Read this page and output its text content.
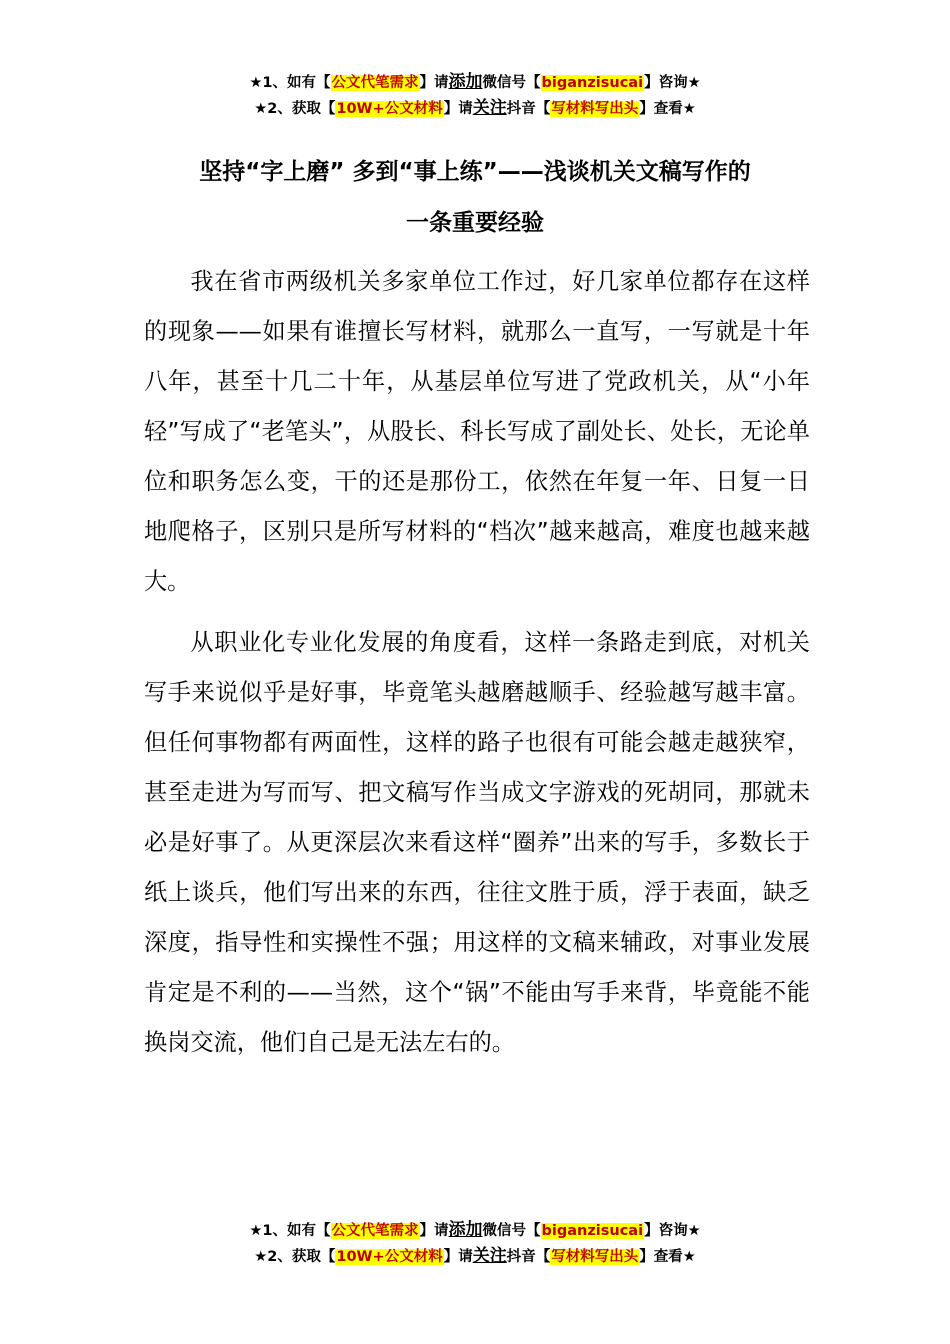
★1、如有【公文代笔需求】请添加微信号【biganzisucai】咨询★
★2、获取【10W+公文材料】请关注抖音【写材料写出头】查看★
坚持“字上磨” 多到“事上练”——浅谈机关文稿写作的
一条重要经验

我在省市两级机关多家单位工作过，好几家单位都存在这样的现象——如果有谁擅长写材料，就那么一直写，一写就是十年八年，甚至十几二十年，从基层单位写进了党政机关，从“小年轻”写成了“老笔头”，从股长、科长写成了副处长、处长，无论单位和职务怎么变，干的还是那份工，依然在年复一年、日复一日地爬格子，区别只是所写材料的“档次”越来越高，难度也越来越大。

从职业化专业化发展的角度看，这样一条路走到底，对机关写手来说似乎是好事，毕竟笔头越磨越顺手、经验越写越丰富。但任何事物都有两面性，这样的路子也很有可能会越走越狭窄，甚至走进为写而写、把文稿写作当成文字游戏的死胡同，那就未必是好事了。从更深层次来看这样“圈养”出来的写手，多数长于纸上谈兵，他们写出来的东西，往往文胜于质，浮于表面，缺乏深度，指导性和实操性不强；用这样的文稿来辅政，对事业发展肯定是不利的——当然，这个“锅”不能由写手来背，毕竟能不能换岗交流，他们自己是无法左右的。

★1、如有【公文代笔需求】请添加微信号【biganzisucai】咨询★
★2、获取【10W+公文材料】请关注抖音【写材料写出头】查看★
